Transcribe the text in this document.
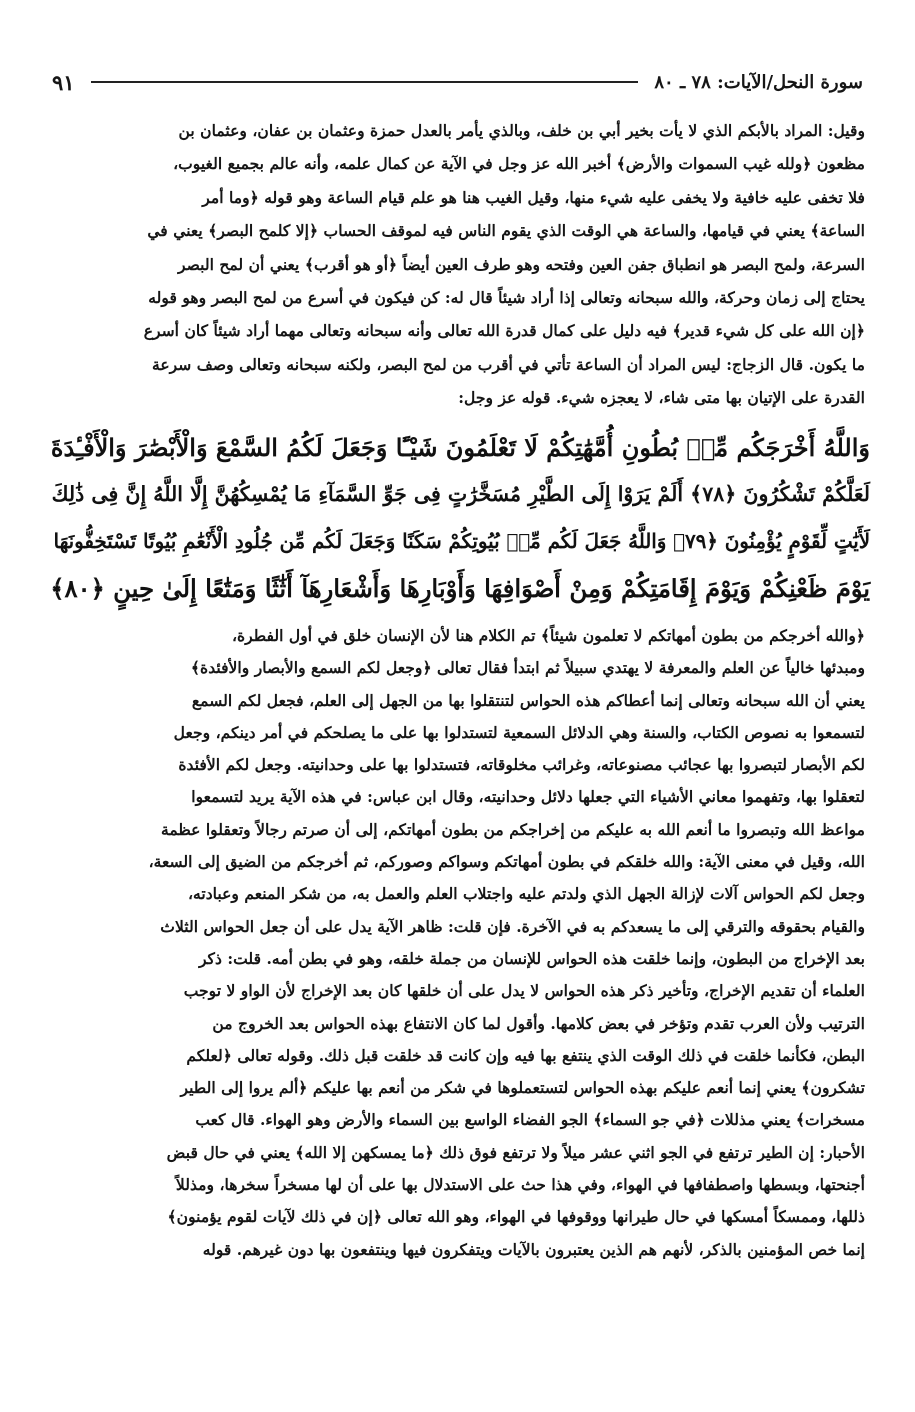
سورة النحل/الآيات: ٧٨ ـ ٨٠
٩١

وقيل: المراد بالأبكم الذي لا يأت بخير أبي بن خلف، وبالذي يأمر بالعدل حمزة وعثمان بن عفان، وعثمان بن

مظعون ﴿ولله غيب السموات والأرض﴾ أخبر الله عز وجل في الآية عن كمال علمه، وأنه عالم بجميع الغيوب،

فلا تخفى عليه خافية ولا يخفى عليه شيء منها، وقيل الغيب هنا هو علم قيام الساعة وهو قوله ﴿وما أمر

الساعة﴾ يعني في قيامها، والساعة هي الوقت الذي يقوم الناس فيه لموقف الحساب ﴿إلا كلمح البصر﴾ يعني في

السرعة، ولمح البصر هو انطباق جفن العين وفتحه وهو طرف العين أيضاً ﴿أو هو أقرب﴾ يعني أن لمح البصر

يحتاج إلى زمان وحركة، والله سبحانه وتعالى إذا أراد شيئاً قال له: كن فيكون في أسرع من لمح البصر وهو قوله

﴿إن الله على كل شيء قدير﴾ فيه دليل على كمال قدرة الله تعالى وأنه سبحانه وتعالى مهما أراد شيئاً كان أسرع

ما يكون. قال الزجاج: ليس المراد أن الساعة تأتي في أقرب من لمح البصر، ولكنه سبحانه وتعالى وصف سرعة

القدرة على الإتيان بها متى شاء، لا يعجزه شيء. قوله عز وجل:

وَاللَّهُ أَخْرَجَكُم مِّنۢ بُطُونِ أُمَّهَٰتِكُمْ لَا تَعْلَمُونَ شَيْـًٔا وَجَعَلَ لَكُمُ السَّمْعَ وَالْأَبْصَٰرَ وَالْأَفْـِٔدَةَ
لَعَلَّكُمْ تَشْكُرُونَ ﴿٧٨﴾ أَلَمْ يَرَوْا إِلَى الطَّيْرِ مُسَخَّرَٰتٍ فِى جَوِّ السَّمَآءِ مَا يُمْسِكُهُنَّ إِلَّا اللَّهُ إِنَّ فِى ذَٰلِكَ
لَأَيَٰتٍ لِّقَوْمٍ يُؤْمِنُونَ ﴿٧٩﴾ وَاللَّهُ جَعَلَ لَكُم مِّنۢ بُيُوتِكُمْ سَكَنًا وَجَعَلَ لَكُم مِّن جُلُودِ الْأَنْعَٰمِ بُيُوتًا تَسْتَخِفُّونَهَا
يَوْمَ ظَعْنِكُمْ وَيَوْمَ إِقَامَتِكُمْ وَمِنْ أَصْوَافِهَا وَأَوْبَارِهَا وَأَشْعَارِهَآ أَثَٰثًا وَمَتَٰعًا إِلَىٰ حِينٍ ﴿٨٠﴾

﴿والله أخرجكم من بطون أمهاتكم لا تعلمون شيئاً﴾ تم الكلام هنا لأن الإنسان خلق في أول الفطرة،

ومبدئها خالياً عن العلم والمعرفة لا يهتدي سبيلاً ثم ابتدأ فقال تعالى ﴿وجعل لكم السمع والأبصار والأفئدة﴾

يعني أن الله سبحانه وتعالى إنما أعطاكم هذه الحواس لتنتقلوا بها من الجهل إلى العلم، فجعل لكم السمع

لتسمعوا به نصوص الكتاب، والسنة وهي الدلائل السمعية لتستدلوا بها على ما يصلحكم في أمر دينكم، وجعل

لكم الأبصار لتبصروا بها عجائب مصنوعاته، وغرائب مخلوقاته، فتستدلوا بها على وحدانيته. وجعل لكم الأفئدة

لتعقلوا بها، وتفهموا معاني الأشياء التي جعلها دلائل وحدانيته، وقال ابن عباس: في هذه الآية يريد لتسمعوا

مواعظ الله وتبصروا ما أنعم الله به عليكم من إخراجكم من بطون أمهاتكم، إلى أن صرتم رجالاً وتعقلوا عظمة

الله، وقيل في معنى الآية: والله خلقكم في بطون أمهاتكم وسواكم وصوركم، ثم أخرجكم من الضيق إلى السعة،

وجعل لكم الحواس آلات لإزالة الجهل الذي ولدتم عليه واجتلاب العلم والعمل به، من شكر المنعم وعبادته،

والقيام بحقوقه والترقي إلى ما يسعدكم به في الآخرة. فإن قلت: ظاهر الآية يدل على أن جعل الحواس الثلاث

بعد الإخراج من البطون، وإنما خلقت هذه الحواس للإنسان من جملة خلقه، وهو في بطن أمه. قلت: ذكر

العلماء أن تقديم الإخراج، وتأخير ذكر هذه الحواس لا يدل على أن خلقها كان بعد الإخراج لأن الواو لا توجب

الترتيب ولأن العرب تقدم وتؤخر في بعض كلامها. وأقول لما كان الانتفاع بهذه الحواس بعد الخروج من

البطن، فكأنما خلقت في ذلك الوقت الذي ينتفع بها فيه وإن كانت قد خلقت قبل ذلك. وقوله تعالى ﴿لعلكم

تشكرون﴾ يعني إنما أنعم عليكم بهذه الحواس لتستعملوها في شكر من أنعم بها عليكم ﴿ألم يروا إلى الطير

مسخرات﴾ يعني مذللات ﴿في جو السماء﴾ الجو الفضاء الواسع بين السماء والأرض وهو الهواء. قال كعب

الأحبار: إن الطير ترتفع في الجو اثني عشر ميلاً ولا ترتفع فوق ذلك ﴿ما يمسكهن إلا الله﴾ يعني في حال قبض

أجنحتها، وبسطها واصطفافها في الهواء، وفي هذا حث على الاستدلال بها على أن لها مسخراً سخرها، ومذللاً

ذللها، وممسكاً أمسكها في حال طيرانها ووقوفها في الهواء، وهو الله تعالى ﴿إن في ذلك لآيات لقوم يؤمنون﴾

إنما خص المؤمنين بالذكر، لأنهم هم الذين يعتبرون بالآيات ويتفكرون فيها وينتفعون بها دون غيرهم. قوله
